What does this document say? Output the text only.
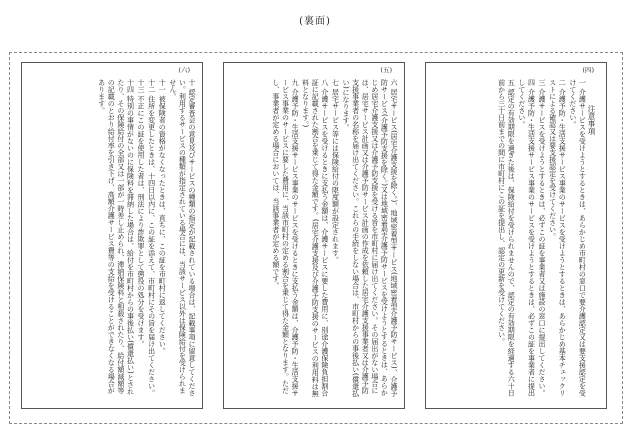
(裏面)
(六)

十 認定審査会の意見及びサービスの種類の指定が記載されている場合は、記載事項に留意してください。利用するサービスの種類が指定されている場合には、当該サービス以外は保険給付を受けられません。

十一 被保険者の資格がなくなったときは、直ちに、この証を市町村に返してください。

十二 住所を変更したときは、十四日以内に、この証を添えて、市町村にその旨を届け出てください。

十三 不正にこの証を使用した者は、刑法により詐欺罪として懲役の処分を受けます。

十四 特別の事情がないのに保険料を滞納した場合は、給付を市町村からの事後払い(償還払い)とされたり、その保険給付の全部又は一部が一時差し止められ、滞納保険料と相殺されたり、給付額減額等の記載のとおり給付率を引き下げ、高額介護サービス費等の支給を受けることができなくなる場合があります。

(五)

六 居宅サービス(居宅介護支援を除く。)、地域密着型サービス(地域密着型介護予防サービス)、介護予防サービス(介護予防支援を除く。)又は地域密着型介護予防サービスを受けようとするときは、あらかじめ居宅介護支援又は介護予防支援を受ける旨を市町村に届け出てください。その届出がない場合には、居宅サービス計画又は介護予防サービス計画の作成を依頼した居宅介護支援事業者又は介護予防支援事業者の名称を届け出てください。これらの手続をしない場合は、市町村からの事後払い(償還払い)になります。

七 居宅サービス等には保険給付の限度額が設定されます。

八 介護サービスを受けるときに支払う金額は、介護サービスに要した費用に、別途介護保険負担割合証に記載された割合を乗じて得た金額です。(居宅介護支援及び介護予防支援のサービスの利用料は無料となります。)

九 介護予防・生活支援サービス事業のサービスを受けるときに支払う金額は、介護予防・生活支援サービス事業のサービスに要した費用に、当該市町村の定める割合を乗じて得た金額となります。ただし、事業者が定める場合においては、当該事業者が定める額です。

(四)
注意事項

一 介護サービスを受けようとするときは、あらかじめ市町村の窓口で要介護認定又は要支援認定を受けてください。

二 介護予防・生活支援サービス事業のサービスを受けようとするときは、あらかじめ基本チェックリストによる確認又は要支援認定を受けてください。

三 介護サービスを受けようとするときは、必ずこの証を事業者又は施設の窓口に提出してください。

四 介護予防・生活支援サービス事業のサービスを受けようとするときは、必ずこの証を事業者に提出してください。

五 認定の有効期限を過ぎた後は、保険給付を受けられませんので、認定の有効期限を経過する六十日前から三十日前までの間に市町村にこの証を提出し、認定の更新を受けてください。
